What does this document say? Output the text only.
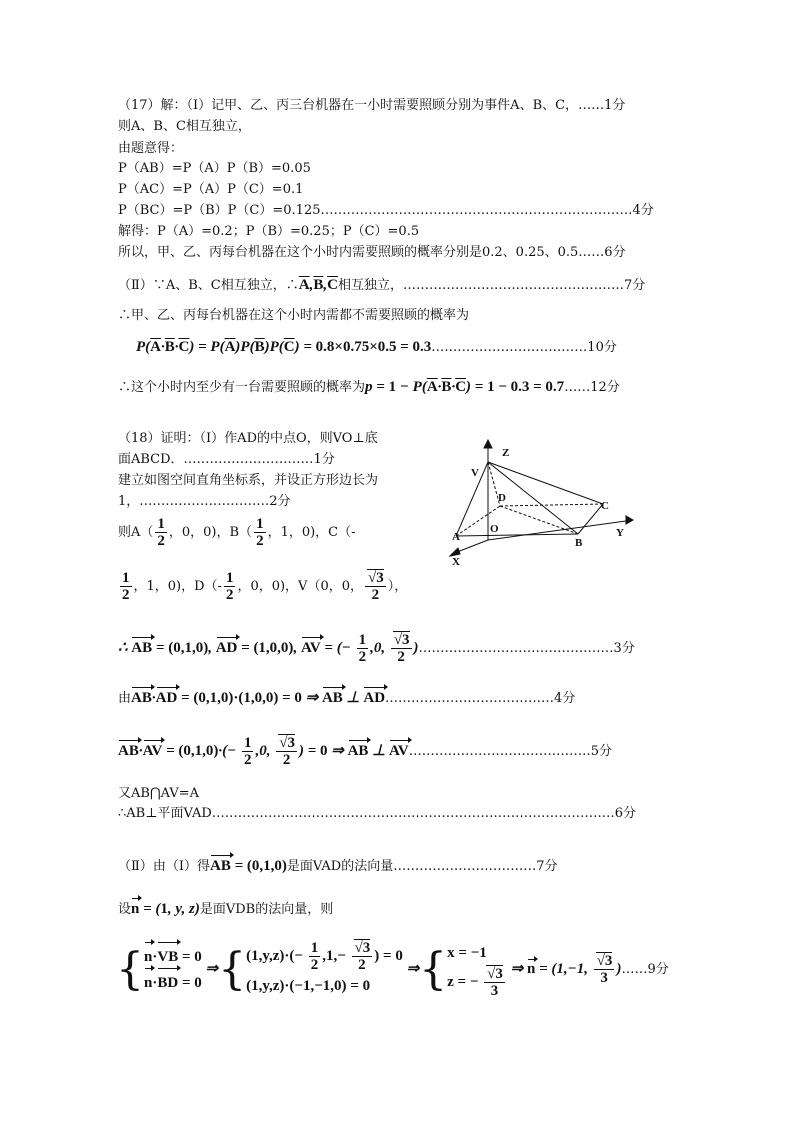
（17）解：（Ⅰ）记甲、乙、丙三台机器在一小时需要照顾分别为事件A、B、C，……1分
则A、B、C相互独立，
由题意得：
P（AB）=P（A）P（B）=0.05
P（AC）=P（A）P（C）=0.1
P（BC）=P（B）P（C）=0.125………………………………………………………………4分
解得：P（A）=0.2；P（B）=0.25；P（C）=0.5
所以，甲、乙、丙每台机器在这个小时内需要照顾的概率分别是0.2、0.25、0.5……6分
（Ⅱ）∵A、B、C相互独立，$\therefore\overline{A},\overline{B},\overline{C}$相互独立，……………………………………………7分
∴甲、乙、丙每台机器在这个小时内需都不需要照顾的概率为
$P(\overline{A}\cdot\overline{B}\cdot\overline{C}) = P(\overline{A})P(\overline{B})P(\overline{C}) = 0.8\times 0.75\times 0.5$ = 0.3………………………………10分
∴这个小时内至少有一台需要照顾的概率为$p = 1 - P(\overline{A}\cdot\overline{B}\cdot\overline{C}) = 1 - 0.3$ = 0.7……12分
（18）证明：（Ⅰ）作AD的中点O，则VO⊥底
面ABCD．…………………………1分
建立如图空间直角坐标系，并设正方形边长为
1，…………………………2分
则$A( \frac{1}{2}$ ，0，0)，$B( \frac{1}{2}$ ，1，0)，C（-
$\frac{1}{2}$ ，1，0)，$D(- \frac{1}{2}$ ，0，0)，V（0，0， $\frac{√3}{2}$ ），
∴ AB = (0,1,0), AD = (1,0,0), AV = (− $\frac{1}{2} ,0$, $\frac{√3}{2}$ )………………………………………3分
由AB·AD = (0,1,0)·(1,0,0) = 0 ⇒ AB ⊥ AD…………………………………4分
$AB\cdot AV = (0,1,0)\cdot(- \frac{1}{2} ,0$, $\frac{√3}{2}$ ) = 0 ⇒ AB ⊥ AV……………………………………5分
又AB⋂AV=A
∴AB⊥平面VAD…………………………………………………………………………………6分
（Ⅱ）由（Ⅰ）得AB = (0,1,0)是面VAD的法向量……………………………7分
设n = (1, y, z)是面VDB的法向量，则
{ n·VB = 0
n·BD = 0
⇒{ $(1,y,z)\cdot(- \frac{1}{2} ,1,- \frac{√3}{2}$ ) = 0
(1,y,z)·(−1,−1,0) = 0
⇒{ x = −1
z = − $\frac{√3}{3}$ ⇒ n = (1,−1, $\frac{√3}{3}$ )……9分
Z
V
D
C
O
A	B
Y
X
